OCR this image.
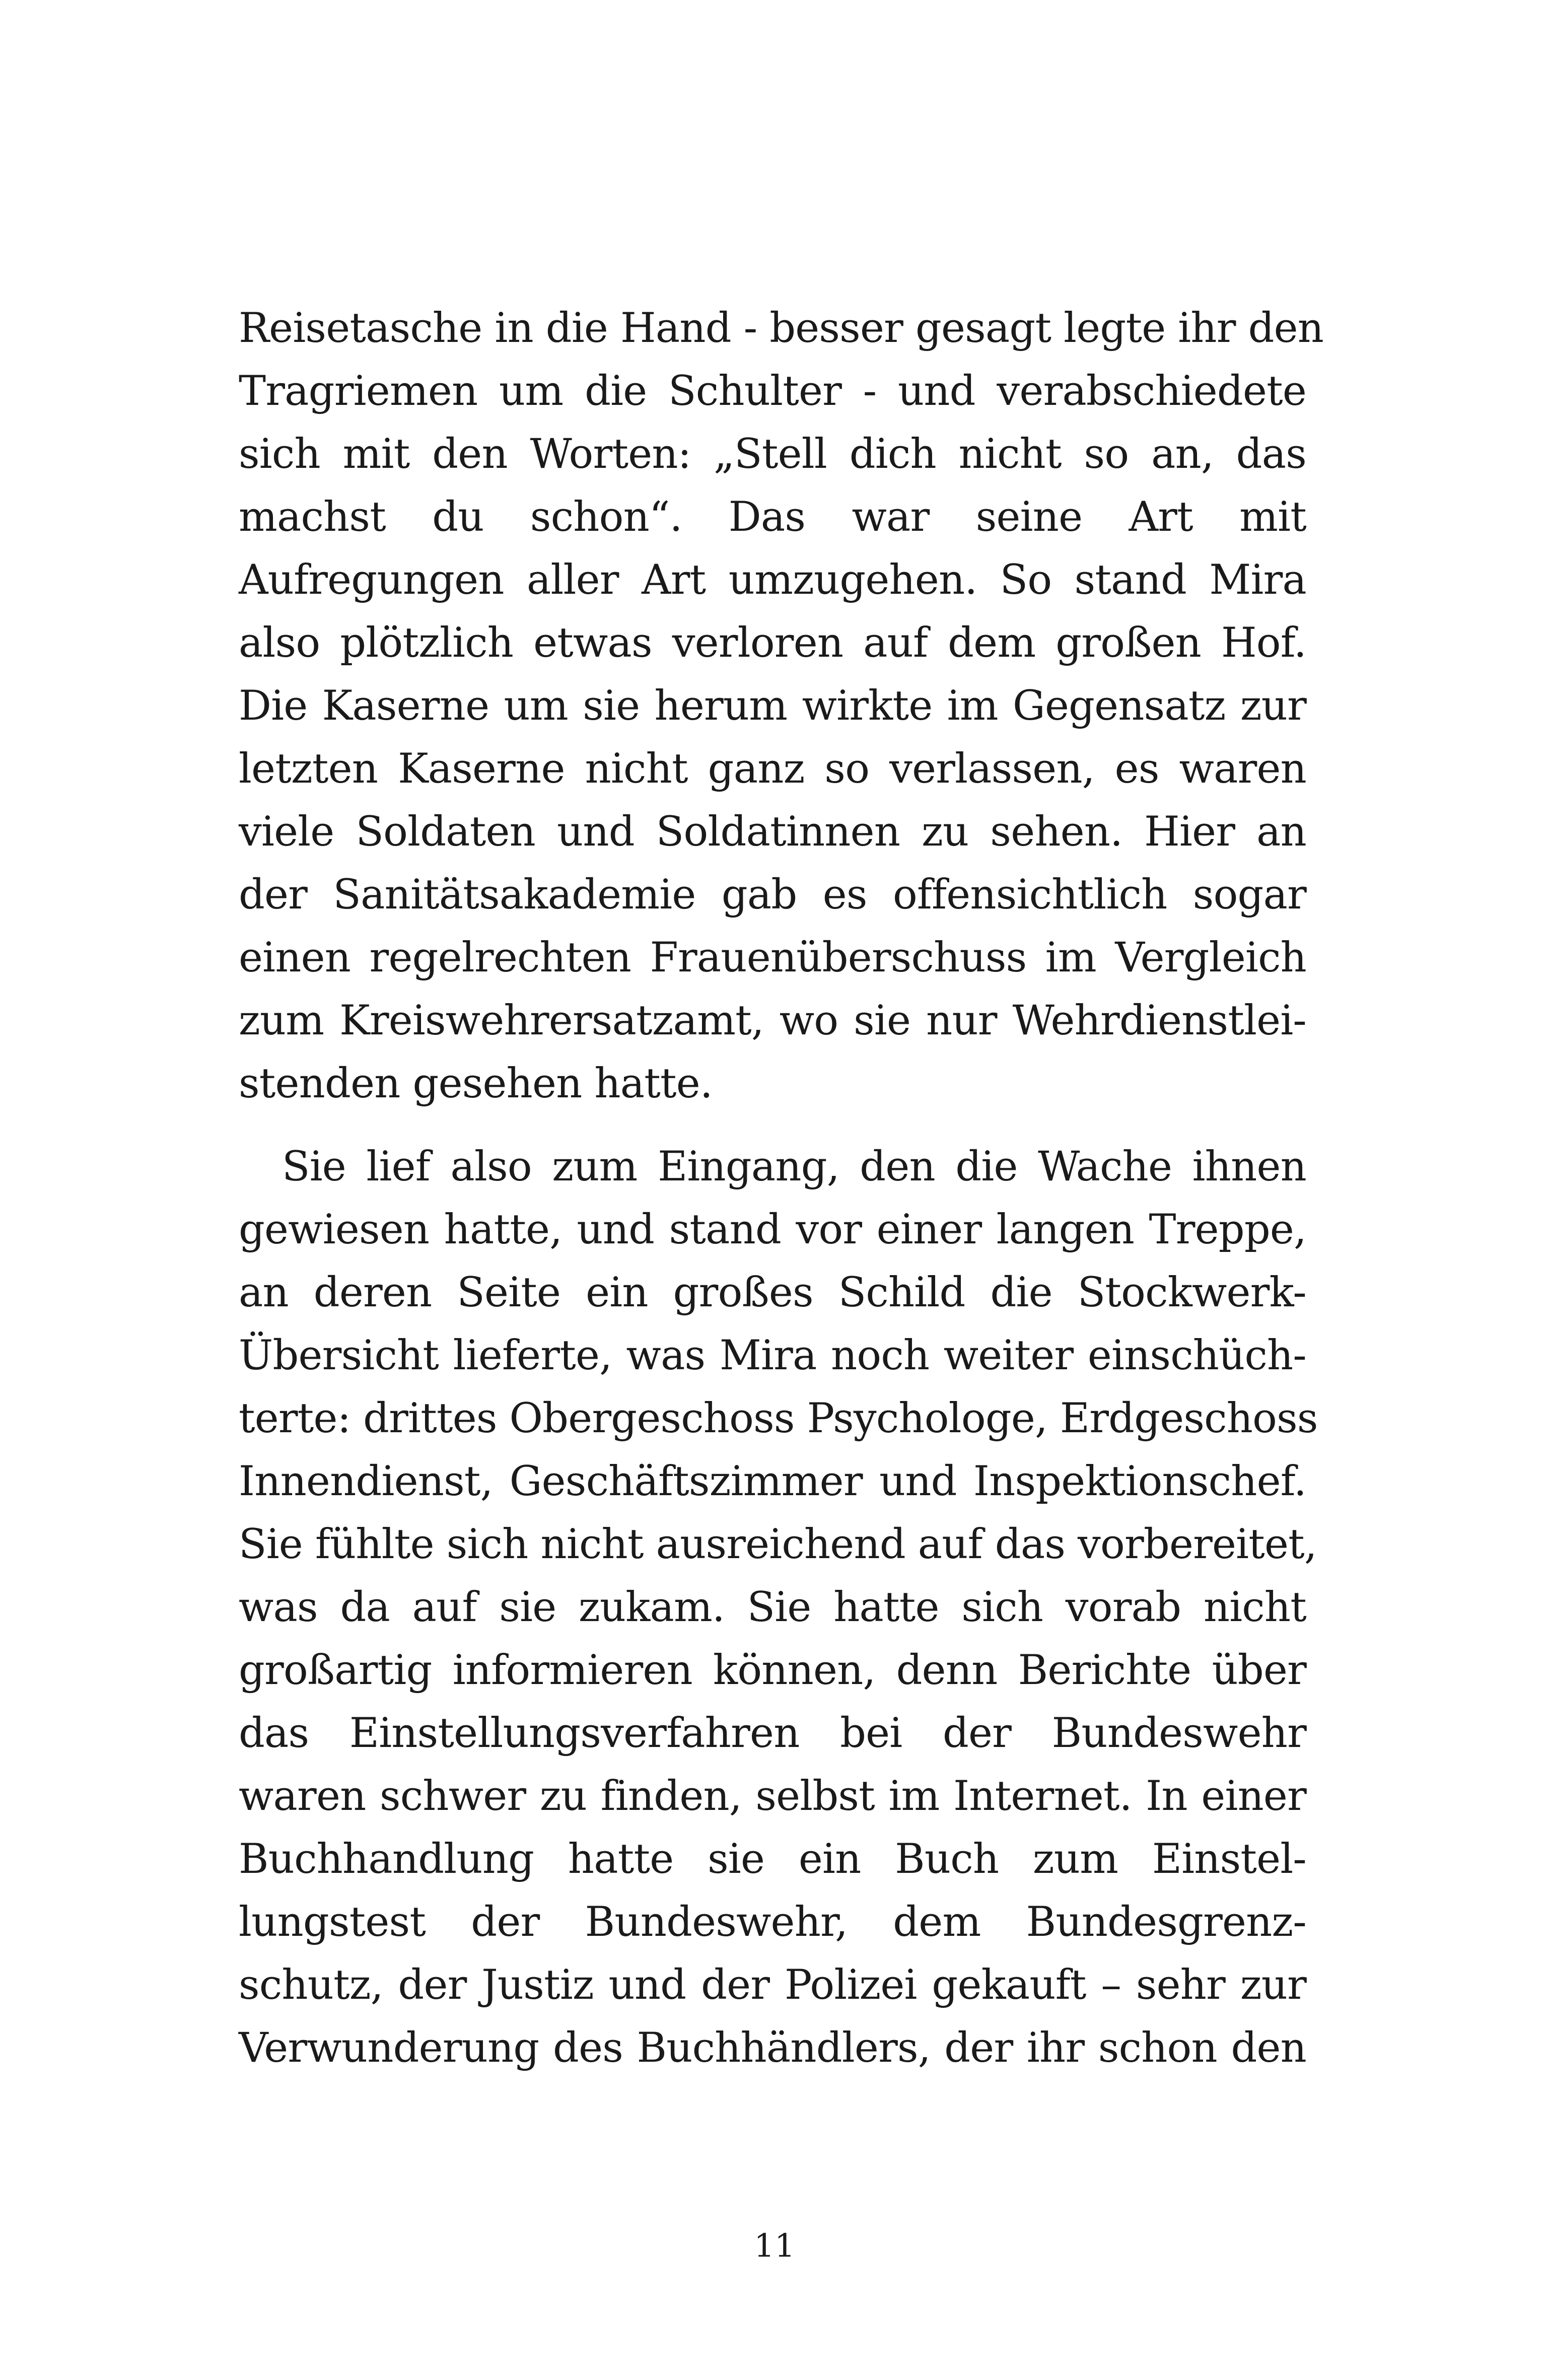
Reisetasche in die Hand - besser gesagt legte ihr den
Tragriemen um die Schulter - und verabschiedete
sich mit den Worten: „Stell dich nicht so an, das
machst du schon“. Das war seine Art mit
Aufregungen aller Art umzugehen. So stand Mira
also plötzlich etwas verloren auf dem großen Hof.
Die Kaserne um sie herum wirkte im Gegensatz zur
letzten Kaserne nicht ganz so verlassen, es waren
viele Soldaten und Soldatinnen zu sehen. Hier an
der Sanitätsakademie gab es offensichtlich sogar
einen regelrechten Frauenüberschuss im Vergleich
zum Kreiswehrersatzamt, wo sie nur Wehrdienstlei-
stenden gesehen hatte.
Sie lief also zum Eingang, den die Wache ihnen
gewiesen hatte, und stand vor einer langen Treppe,
an deren Seite ein großes Schild die Stockwerk-
Übersicht lieferte, was Mira noch weiter einschüch-
terte: drittes Obergeschoss Psychologe, Erdgeschoss
Innendienst, Geschäftszimmer und Inspektionschef.
Sie fühlte sich nicht ausreichend auf das vorbereitet,
was da auf sie zukam. Sie hatte sich vorab nicht
großartig informieren können, denn Berichte über
das Einstellungsverfahren bei der Bundeswehr
waren schwer zu finden, selbst im Internet. In einer
Buchhandlung hatte sie ein Buch zum Einstel-
lungstest der Bundeswehr, dem Bundesgrenz-
schutz, der Justiz und der Polizei gekauft – sehr zur
Verwunderung des Buchhändlers, der ihr schon den
11
